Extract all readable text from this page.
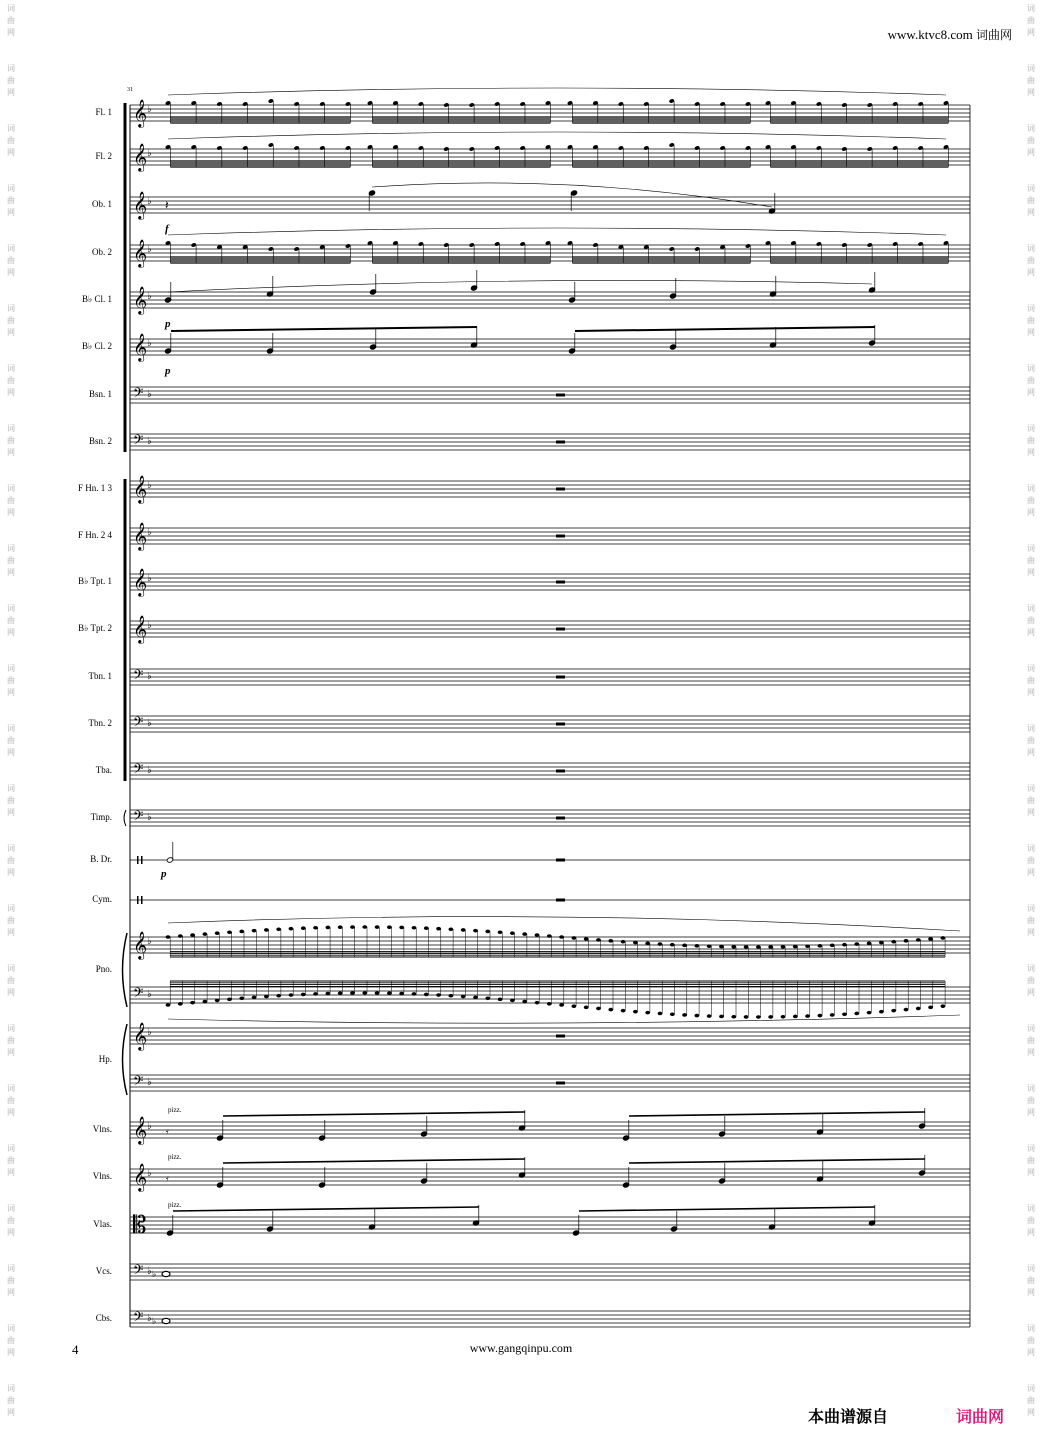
词
曲
网
词
曲
网
词
曲
网
词
曲
网
词
曲
网
词
曲
网
词
曲
网
词
曲
网
词
曲
网
词
曲
网
词
曲
网
词
曲
网
词
曲
网
词
曲
网
词
曲
网
词
曲
网
词
曲
网
词
曲
网
词
曲
网
词
曲
网
词
曲
网
词
曲
网
词
曲
网
词
曲
网
词
曲
网
词
曲
网
词
曲
网
词
曲
网
词
曲
网
词
曲
网
词
曲
网
词
曲
网
词
曲
网
词
曲
网
词
曲
网
词
曲
网
词
曲
网
词
曲
网
词
曲
网
词
曲
网
词
曲
网
词
曲
网
词
曲
网
词
曲
网
词
曲
网
词
曲
网
词
曲
网
词
曲
网
www.ktvc8.com 词曲网
𝄞 ♭
𝄞 ♭
𝄞 ♭
𝄞 ♭
𝄞 ♭
𝄞 ♭
𝄢 ♭
𝄢 ♭
𝄞 ♭
𝄞 ♭
𝄞 ♭
𝄞 ♭
𝄢 ♭
𝄢 ♭
𝄢 ♭
𝄢 ♭
𝄞 ♭
𝄢 ♭
𝄞 ♭
𝄢 ♭
𝄞 ♭
𝄞 ♭
𝄡
𝄢 ♭
𝄢 ♭
𝄽
𝄿
𝄿
♭
♭
31
Fl. 1
Fl. 2
Ob. 1
Ob. 2
B♭ Cl. 1
B♭ Cl. 2
Bsn. 1
Bsn. 2
F Hn. 1 3
F Hn. 2 4
B♭ Tpt. 1
B♭ Tpt. 2
Tbn. 1
Tbn. 2
Tba.
Timp.
B. Dr.
Cym.
Pno.
Hp.
Vlns.
Vlns.
Vlas.
Vcs.
Cbs.
f
p
p
p
pizz.
pizz.
pizz.
4	www.gangqinpu.com
本曲谱源自	词曲网
